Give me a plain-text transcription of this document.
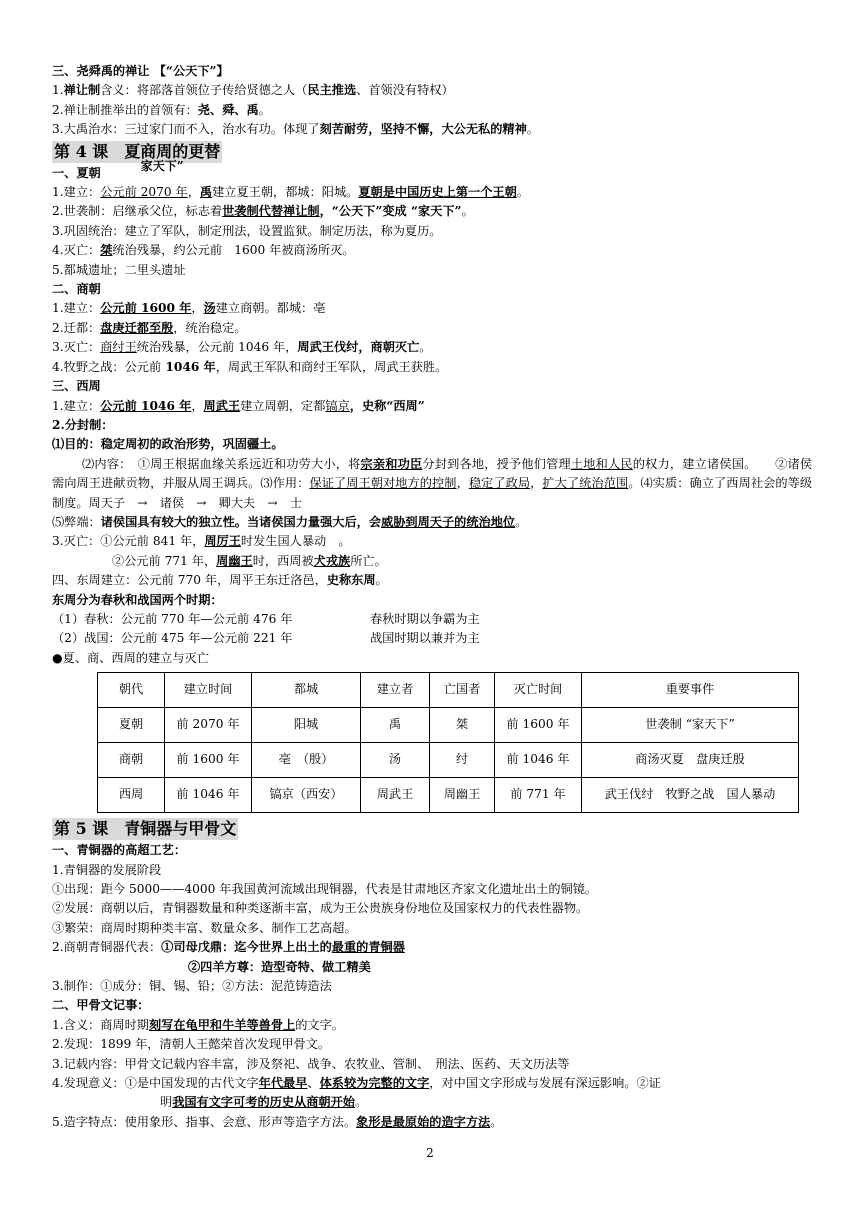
三、尧舜禹的禅让 【“公天下”】
1.禅让制含义：将部落首领位子传给贤德之人（民主推选、首领没有特权）
2.禅让制推举出的首领有：尧、舜、禹。
3.大禹治水：三过家门而不入，治水有功。体现了刻苦耐劳，坚持不懈，大公无私的精神。
第 4 课　夏商周的更替
一、夏朝	家天下”
1.建立：公元前 2070 年，禹建立夏王朝，都城：阳城。夏朝是中国历史上第一个王朝。
2.世袭制：启继承父位，标志着世袭制代替禅让制，“公天下”变成 “家天下”。
3.巩固统治：建立了军队，制定刑法，设置监狱。制定历法，称为夏历。
4.灭亡：桀统治残暴，约公元前　1600 年被商汤所灭。
5.都城遗址；二里头遗址
二、商朝
1.建立：公元前 1600 年，汤建立商朝。都城：亳
2.迁都：盘庚迁都至殷，统治稳定。
3.灭亡：商纣王统治残暴，公元前 1046 年，周武王伐纣，商朝灭亡。
4.牧野之战：公元前 1046 年，周武王军队和商纣王军队，周武王获胜。
三、西周
1.建立：公元前 1046 年，周武王建立周朝，定都镐京，史称“西周”
2.分封制：
⑴目的：稳定周初的政治形势，巩固疆土。
⑵内容：　①周王根据血缘关系远近和功劳大小，将宗亲和功臣分封到各地，授予他们管理土地和人民的权力，建立诸侯国。　　②诸侯需向周王进献贡物，并服从周王调兵。⑶作用：保证了周王朝对地方的控制，稳定了政局，扩大了统治范围。⑷实质：确立了西周社会的等级制度。周天子　→　诸侯　→　卿大夫　→　士
⑸弊端：诸侯国具有较大的独立性。当诸侯国力量强大后，会威胁到周天子的统治地位。
3.灭亡：①公元前 841 年，周厉王时发生国人暴动　。
②公元前 771 年，周幽王时，西周被犬戎族所亡。
四、东周建立：公元前 770 年，周平王东迁洛邑，史称东周。
东周分为春秋和战国两个时期：
（1）春秋：公元前 770 年—公元前 476 年	春秋时期以争霸为主
（2）战国：公元前 475 年—公元前 221 年	战国时期以兼并为主
●夏、商、西周的建立与灭亡
朝代	建立时间	都城	建立者	亡国者	灭亡时间	重要事件
夏朝	前 2070 年	阳城	禹	桀	前 1600 年	世袭制 “家天下”
商朝	前 1600 年	亳　（殷）	汤	纣	前 1046 年	商汤灭夏　盘庚迁殷
西周	前 1046 年	镐京（西安）	周武王	周幽王	前 771 年	武王伐纣　牧野之战　国人暴动
第 5 课　青铜器与甲骨文
一、青铜器的高超工艺：
1.青铜器的发展阶段
①出现：距今 5000——4000 年我国黄河流域出现铜器，代表是甘肃地区齐家文化遗址出土的铜镜。
②发展：商朝以后，青铜器数量和种类逐渐丰富，成为王公贵族身份地位及国家权力的代表性器物。
③繁荣：商周时期种类丰富、数量众多、制作工艺高超。
2.商朝青铜器代表：①司母戊鼎：迄今世界上出土的最重的青铜器
②四羊方尊：造型奇特、做工精美
3.制作：①成分：铜、锡、铅；②方法：泥范铸造法
二、甲骨文记事：
1.含义：商周时期刻写在龟甲和牛羊等兽骨上的文字。
2.发现：1899 年，清朝人王懿荣首次发现甲骨文。
3.记载内容：甲骨文记载内容丰富，涉及祭祀、战争、农牧业、管制、　刑法、医药、天文历法等
4.发现意义：①是中国发现的古代文字年代最早、体系较为完整的文字，对中国文字形成与发展有深远影响。②证
明我国有文字可考的历史从商朝开始。
5.造字特点：使用象形、指事、会意、形声等造字方法。象形是最原始的造字方法。
2
